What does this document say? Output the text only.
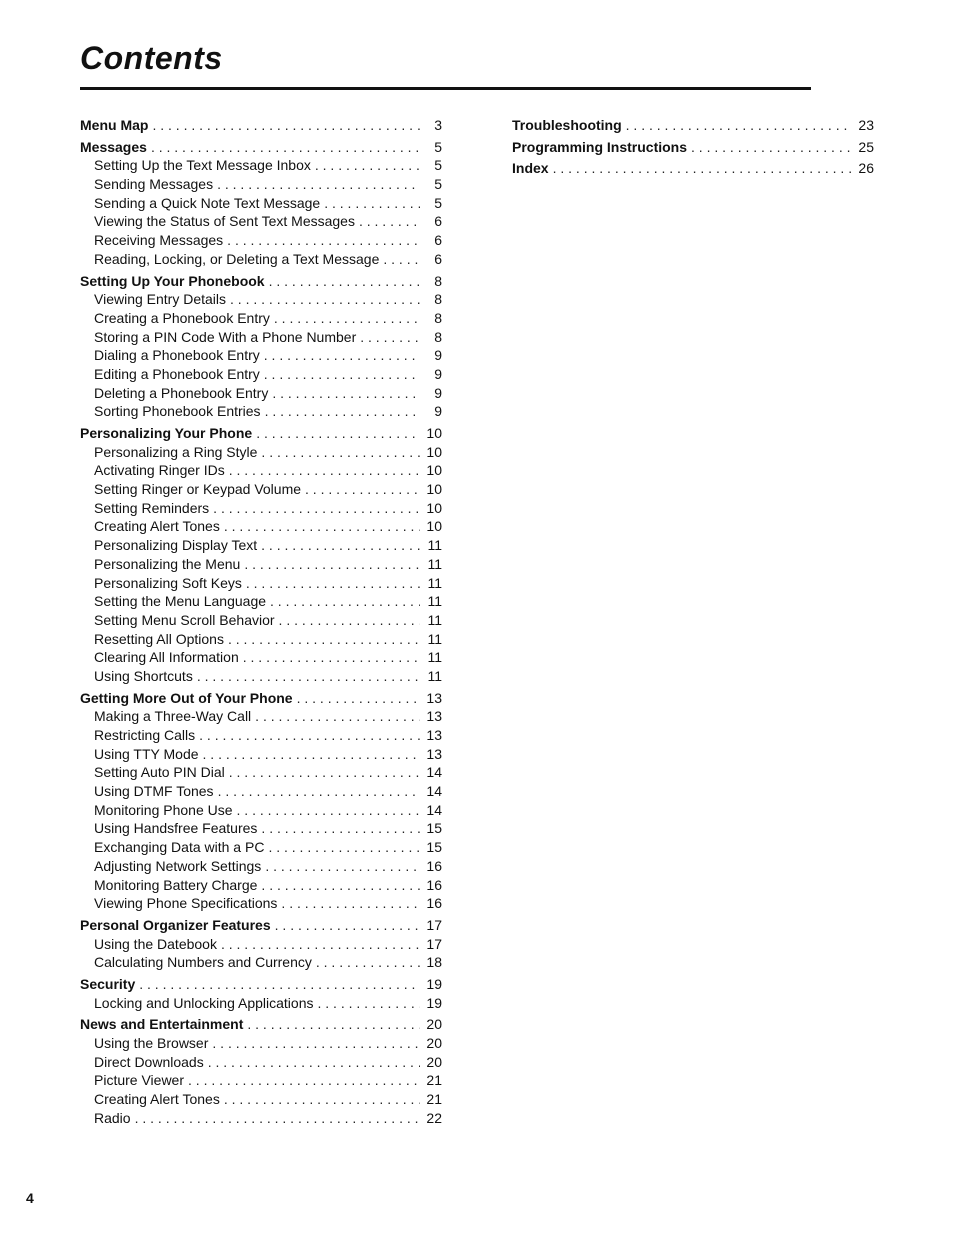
Contents
Menu Map . . .	3
Messages . . .	5
Setting Up the Text Message Inbox . . .	5
Sending Messages . . .	5
Sending a Quick Note Text Message . . .	5
Viewing the Status of Sent Text Messages . . .	6
Receiving Messages . . .	6
Reading, Locking, or Deleting a Text Message . . .	6
Setting Up Your Phonebook . . .	8
Viewing Entry Details . . .	8
Creating a Phonebook Entry . . .	8
Storing a PIN Code With a Phone Number . . .	8
Dialing a Phonebook Entry . . .	9
Editing a Phonebook Entry . . .	9
Deleting a Phonebook Entry . . .	9
Sorting Phonebook Entries . . .	9
Personalizing Your Phone . . .	10
Personalizing a Ring Style . . .	10
Activating Ringer IDs . . .	10
Setting Ringer or Keypad Volume . . .	10
Setting Reminders . . .	10
Creating Alert Tones . . .	10
Personalizing Display Text . . .	11
Personalizing the Menu . . .	11
Personalizing Soft Keys . . .	11
Setting the Menu Language . . .	11
Setting Menu Scroll Behavior . . .	11
Resetting All Options . . .	11
Clearing All Information . . .	11
Using Shortcuts . . .	11
Getting More Out of Your Phone . . .	13
Making a Three-Way Call . . .	13
Restricting Calls . . .	13
Using TTY Mode . . .	13
Setting Auto PIN Dial . . .	14
Using DTMF Tones . . .	14
Monitoring Phone Use . . .	14
Using Handsfree Features . . .	15
Exchanging Data with a PC . . .	15
Adjusting Network Settings . . .	16
Monitoring Battery Charge . . .	16
Viewing Phone Specifications . . .	16
Personal Organizer Features . . .	17
Using the Datebook . . .	17
Calculating Numbers and Currency . . .	18
Security . . .	19
Locking and Unlocking Applications . . .	19
News and Entertainment . . .	20
Using the Browser . . .	20
Direct Downloads . . .	20
Picture Viewer . . .	21
Creating Alert Tones . . .	21
Radio . . .	22
Troubleshooting . . .	23
Programming Instructions . . .	25
Index . . .	26
4
